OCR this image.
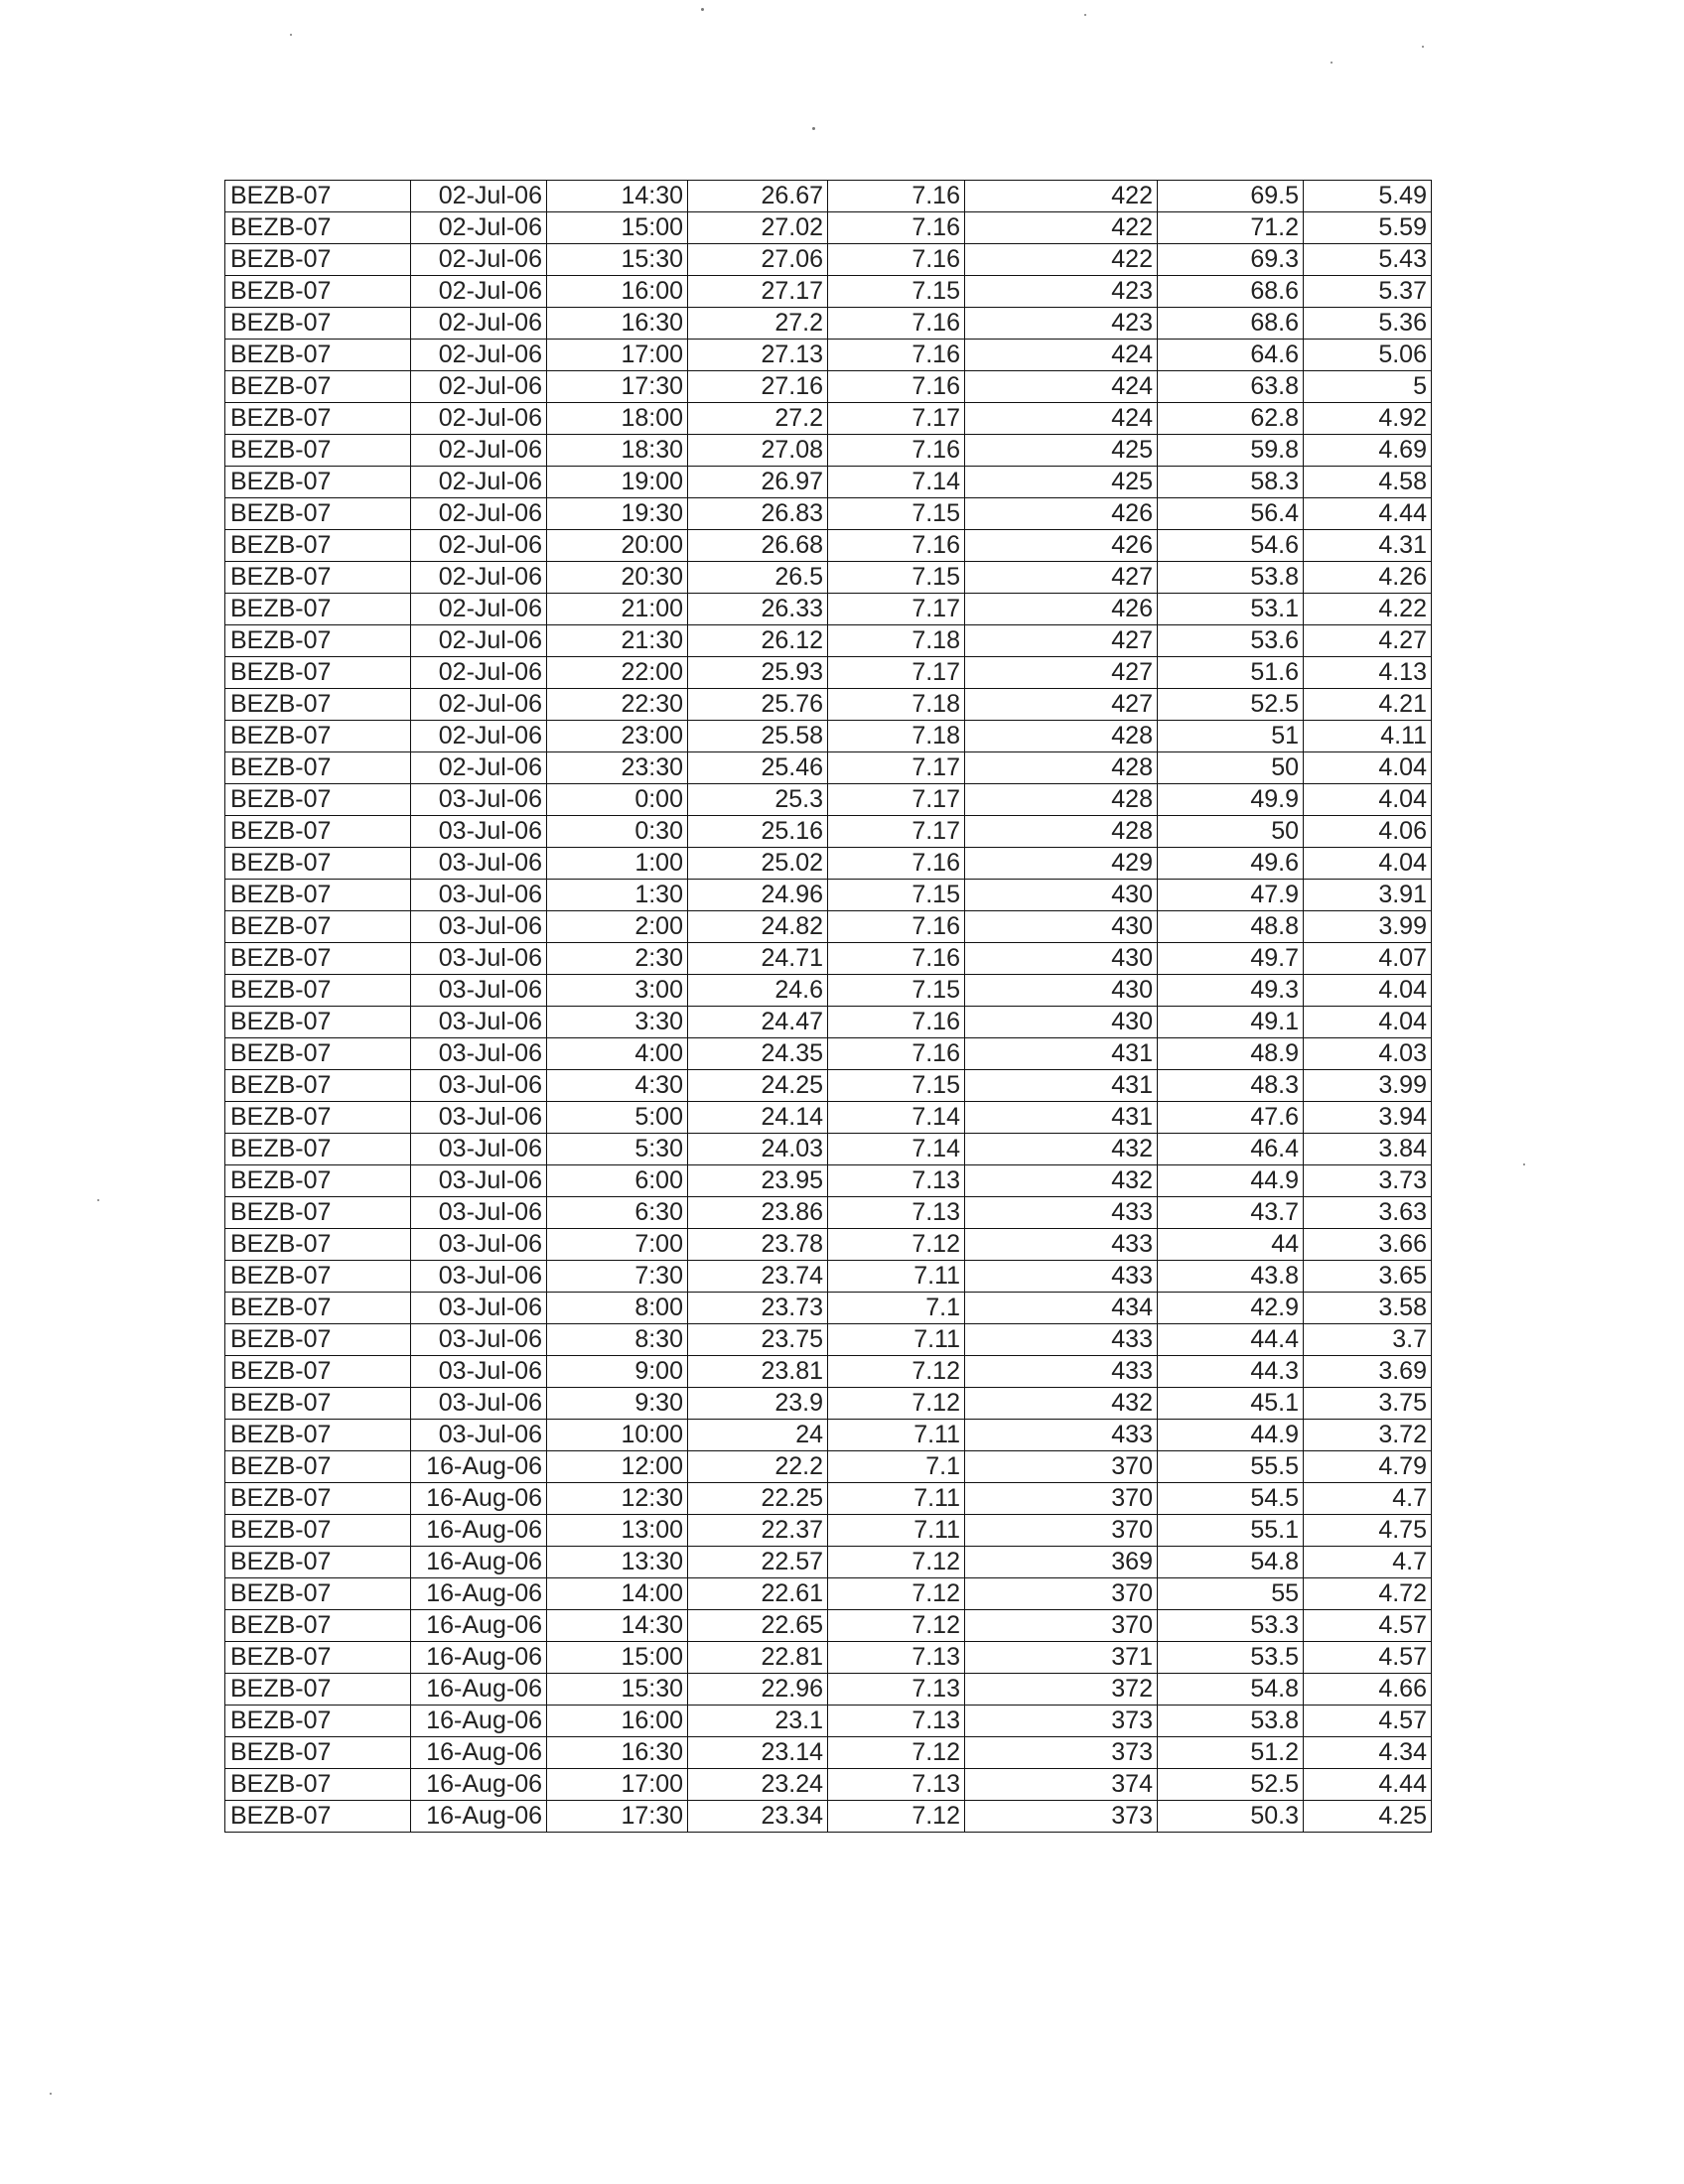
BEZB-07	02-Jul-06	14:30	26.67	7.16	422	69.5	5.49
BEZB-07	02-Jul-06	15:00	27.02	7.16	422	71.2	5.59
BEZB-07	02-Jul-06	15:30	27.06	7.16	422	69.3	5.43
BEZB-07	02-Jul-06	16:00	27.17	7.15	423	68.6	5.37
BEZB-07	02-Jul-06	16:30	27.2	7.16	423	68.6	5.36
BEZB-07	02-Jul-06	17:00	27.13	7.16	424	64.6	5.06
BEZB-07	02-Jul-06	17:30	27.16	7.16	424	63.8	5
BEZB-07	02-Jul-06	18:00	27.2	7.17	424	62.8	4.92
BEZB-07	02-Jul-06	18:30	27.08	7.16	425	59.8	4.69
BEZB-07	02-Jul-06	19:00	26.97	7.14	425	58.3	4.58
BEZB-07	02-Jul-06	19:30	26.83	7.15	426	56.4	4.44
BEZB-07	02-Jul-06	20:00	26.68	7.16	426	54.6	4.31
BEZB-07	02-Jul-06	20:30	26.5	7.15	427	53.8	4.26
BEZB-07	02-Jul-06	21:00	26.33	7.17	426	53.1	4.22
BEZB-07	02-Jul-06	21:30	26.12	7.18	427	53.6	4.27
BEZB-07	02-Jul-06	22:00	25.93	7.17	427	51.6	4.13
BEZB-07	02-Jul-06	22:30	25.76	7.18	427	52.5	4.21
BEZB-07	02-Jul-06	23:00	25.58	7.18	428	51	4.11
BEZB-07	02-Jul-06	23:30	25.46	7.17	428	50	4.04
BEZB-07	03-Jul-06	0:00	25.3	7.17	428	49.9	4.04
BEZB-07	03-Jul-06	0:30	25.16	7.17	428	50	4.06
BEZB-07	03-Jul-06	1:00	25.02	7.16	429	49.6	4.04
BEZB-07	03-Jul-06	1:30	24.96	7.15	430	47.9	3.91
BEZB-07	03-Jul-06	2:00	24.82	7.16	430	48.8	3.99
BEZB-07	03-Jul-06	2:30	24.71	7.16	430	49.7	4.07
BEZB-07	03-Jul-06	3:00	24.6	7.15	430	49.3	4.04
BEZB-07	03-Jul-06	3:30	24.47	7.16	430	49.1	4.04
BEZB-07	03-Jul-06	4:00	24.35	7.16	431	48.9	4.03
BEZB-07	03-Jul-06	4:30	24.25	7.15	431	48.3	3.99
BEZB-07	03-Jul-06	5:00	24.14	7.14	431	47.6	3.94
BEZB-07	03-Jul-06	5:30	24.03	7.14	432	46.4	3.84
BEZB-07	03-Jul-06	6:00	23.95	7.13	432	44.9	3.73
BEZB-07	03-Jul-06	6:30	23.86	7.13	433	43.7	3.63
BEZB-07	03-Jul-06	7:00	23.78	7.12	433	44	3.66
BEZB-07	03-Jul-06	7:30	23.74	7.11	433	43.8	3.65
BEZB-07	03-Jul-06	8:00	23.73	7.1	434	42.9	3.58
BEZB-07	03-Jul-06	8:30	23.75	7.11	433	44.4	3.7
BEZB-07	03-Jul-06	9:00	23.81	7.12	433	44.3	3.69
BEZB-07	03-Jul-06	9:30	23.9	7.12	432	45.1	3.75
BEZB-07	03-Jul-06	10:00	24	7.11	433	44.9	3.72
BEZB-07	16-Aug-06	12:00	22.2	7.1	370	55.5	4.79
BEZB-07	16-Aug-06	12:30	22.25	7.11	370	54.5	4.7
BEZB-07	16-Aug-06	13:00	22.37	7.11	370	55.1	4.75
BEZB-07	16-Aug-06	13:30	22.57	7.12	369	54.8	4.7
BEZB-07	16-Aug-06	14:00	22.61	7.12	370	55	4.72
BEZB-07	16-Aug-06	14:30	22.65	7.12	370	53.3	4.57
BEZB-07	16-Aug-06	15:00	22.81	7.13	371	53.5	4.57
BEZB-07	16-Aug-06	15:30	22.96	7.13	372	54.8	4.66
BEZB-07	16-Aug-06	16:00	23.1	7.13	373	53.8	4.57
BEZB-07	16-Aug-06	16:30	23.14	7.12	373	51.2	4.34
BEZB-07	16-Aug-06	17:00	23.24	7.13	374	52.5	4.44
BEZB-07	16-Aug-06	17:30	23.34	7.12	373	50.3	4.25
